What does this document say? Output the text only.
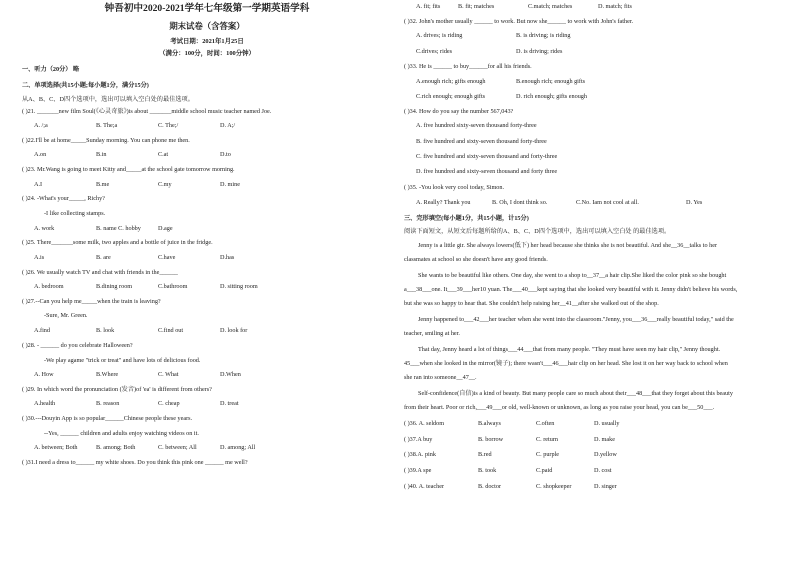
钟吾初中2020-2021学年七年级第一学期英语学科
期末试卷（含答案）
考试日期：2021年1月25日
（满分：100分，时间：100分钟）
一、听力（20分） 略
二、单项选择(共15小题;每小题1分，满分15分)
从A、B、C、D四个选项中，选出可以填入空白处的最佳选项。
( )21. _______new film Soul(《心灵奇旅》)is about _______middle school music teacher named Joe.
A. /;a	B. The;a	C. The;/	D. A;/
( )22.I'll be at home_____Sunday morning. You can phone me then.
A.on	B.in	C.at	D.to
( )23. Mr.Wang is going to meet Kitty and_____at the school gate tomorrow morning.
A.I	B.me	C.my	D. mine
( )24. -What's your_____, Richy?
-I like collecting stamps.
A. work	B. name C. hobby	D.age
( )25. There_______some milk, two apples and a bottle of juice in the fridge.
A.is	B. are	C.have	D.has
( )26. We usually watch TV and chat with friends in the______
A. bedroom	B.dining room	C.bathroom	D. sitting room
( )27.--Can you help me_____when the train is leaving?
-Sure, Mr. Green.
A.find	B. look	C.find out	D. look for
( )28. - ______ do you celebrate Halloween?
-We play agame "trick or treat" and have lots of delicious food.
A. How	B.Where	C. What	D.When
( )29. In which word the pronunciation (发音)of 'ea' is different from others?
A.health	B. reason	C. cheap	D. treat
( )30.---Douyin App is so popular______Chinese people these years.
--Yes, ______ children and adults enjoy watching videos on it.
A. between; Both	B. among; Both	C. between; All	D. among; All
( )31.I need a dress to______ my white shoes. Do you think this pink one ______ me well?
A. fit; fits	B. fit; matches	C.match; matches	D. match; fits
( )32. John's mother usually ______ to work. But now she______ to work with John's father.
A. drives; is riding	B. is driving; is riding
C.drives; rides	D. is driving; rides
( )33. He is ______ to buy______for all his friends.
A.enough rich; gifts enough	B.enough rich; enough gifts
C.rich enough; enough gifts	D. rich enough; gifts enough
( )34. How do you say the number 567,043?
A. five hundred sixty-seven thousand forty-three
B. five hundred and sixty-seven thousand forty-three
C. five hundred and sixty-seven thousand and forty-three
D. five hundred and sixty-seven thousand and forty three
( )35. -You look very cool today, Simon.
A. Really? Thank you	B. Oh, I dont think so.	C.No. Iam not cool at all.	D. Yes
三、完形填空(每小题1分，共15小题，计15分)
阅读下面短文，从短文后每题所给的A、B、C、D四个选项中，选出可以填入空白处 的最佳选项。
Jenny is a little gir. She always lowers(低下) her head because she thinks she is not beautiful. And she__36__talks to her
classmates at school so she doesn't have any good friends.
She wants to be beautiful like others. One day, she went to a shop to__37__a hair clip.She liked the color pink so she bought
a___38___one. It___39___her10 yuan. The___40___kept saying that she looked very beautiful with it. Jenny didn't believe his words,
but she was so happy to hear that. She couldn't help raising her__41__after she walked out of the shop.
Jenny happened to___42___her teacher when she went into the classroom."Jenny, you___36___really beautiful today," said the
teacher, smiling at her.
That day, Jenny heard a lot of things___44___that from many people. "They must have seen my hair clip," Jenny thought.
45___when she looked in the mirror(镜子); there wasn't___46___hair clip on her head. She lost it on her way back to school when
she ran into someone__47__.
Self-confidence(自信)is a kind of beauty. But many people care so much about their___48___that they forget about this beauty
from their heart. Poor or rich,___49___or old, well-known or unknown, as long as you raise your head, you can be___50___.
( )36. A. seldom	B.always	C.often	D. usually
( )37.A buy	B. borrow	C. return	D. make
( )38.A. pink	B.red	C. purple	D.yellow
( )39.A spe	B. took	C.paid	D. cost
( )40. A. teacher	B. doctor	C. shopkeeper	D. singer
